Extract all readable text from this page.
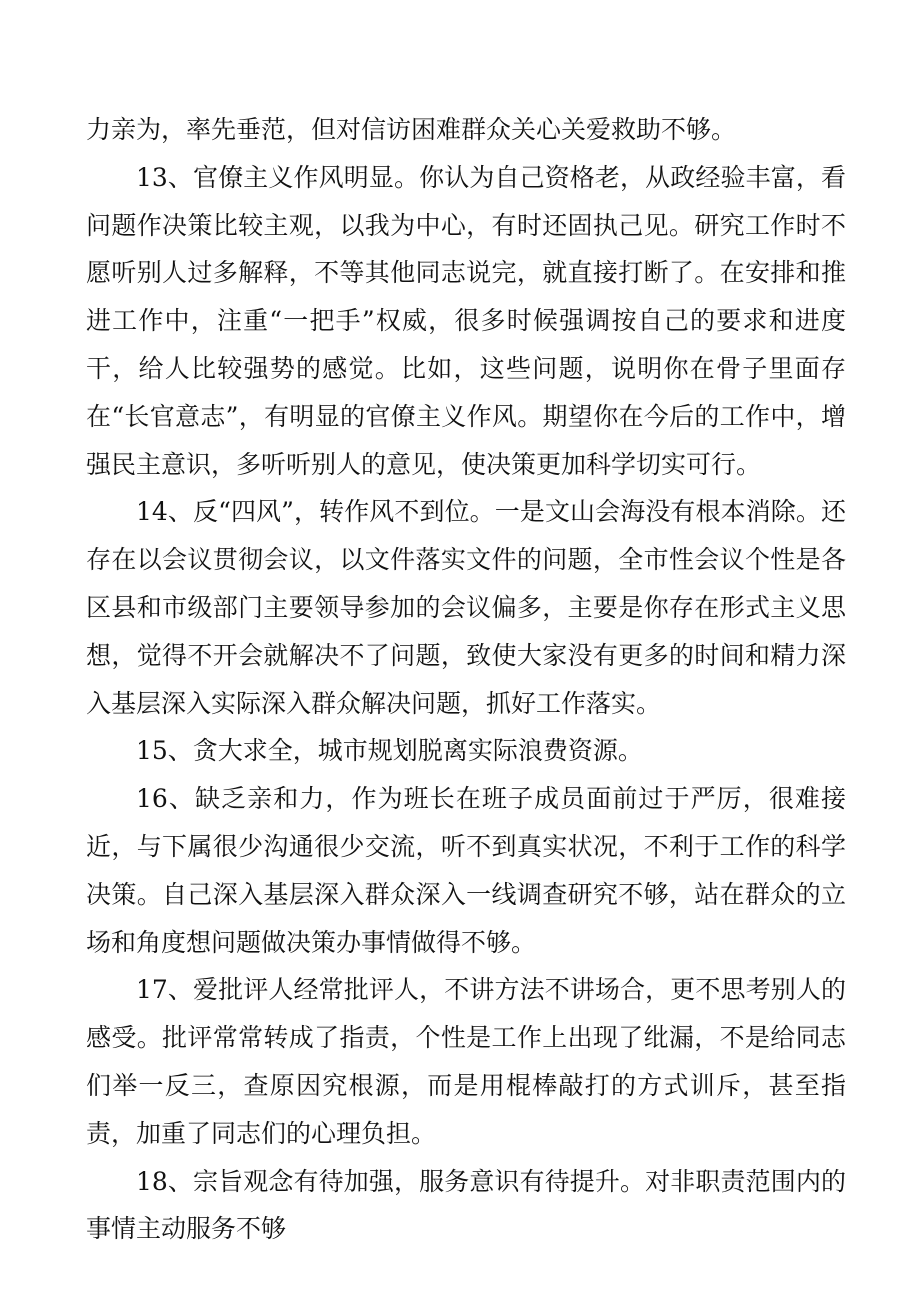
力亲为，率先垂范，但对信访困难群众关心关爱救助不够。

13、官僚主义作风明显。你认为自己资格老，从政经验丰富，看问题作决策比较主观，以我为中心，有时还固执己见。研究工作时不愿听别人过多解释，不等其他同志说完，就直接打断了。在安排和推进工作中，注重“一把手”权威，很多时候强调按自己的要求和进度干，给人比较强势的感觉。比如，这些问题，说明你在骨子里面存在“长官意志”，有明显的官僚主义作风。期望你在今后的工作中，增强民主意识，多听听别人的意见，使决策更加科学切实可行。

14、反“四风”，转作风不到位。一是文山会海没有根本消除。还存在以会议贯彻会议，以文件落实文件的问题，全市性会议个性是各区县和市级部门主要领导参加的会议偏多，主要是你存在形式主义思想，觉得不开会就解决不了问题，致使大家没有更多的时间和精力深入基层深入实际深入群众解决问题，抓好工作落实。

15、贪大求全，城市规划脱离实际浪费资源。

16、缺乏亲和力，作为班长在班子成员面前过于严厉，很难接近，与下属很少沟通很少交流，听不到真实状况，不利于工作的科学决策。自己深入基层深入群众深入一线调查研究不够，站在群众的立场和角度想问题做决策办事情做得不够。

17、爱批评人经常批评人，不讲方法不讲场合，更不思考别人的感受。批评常常转成了指责，个性是工作上出现了纰漏，不是给同志们举一反三，查原因究根源，而是用棍棒敲打的方式训斥，甚至指责，加重了同志们的心理负担。

18、宗旨观念有待加强，服务意识有待提升。对非职责范围内的事情主动服务不够
